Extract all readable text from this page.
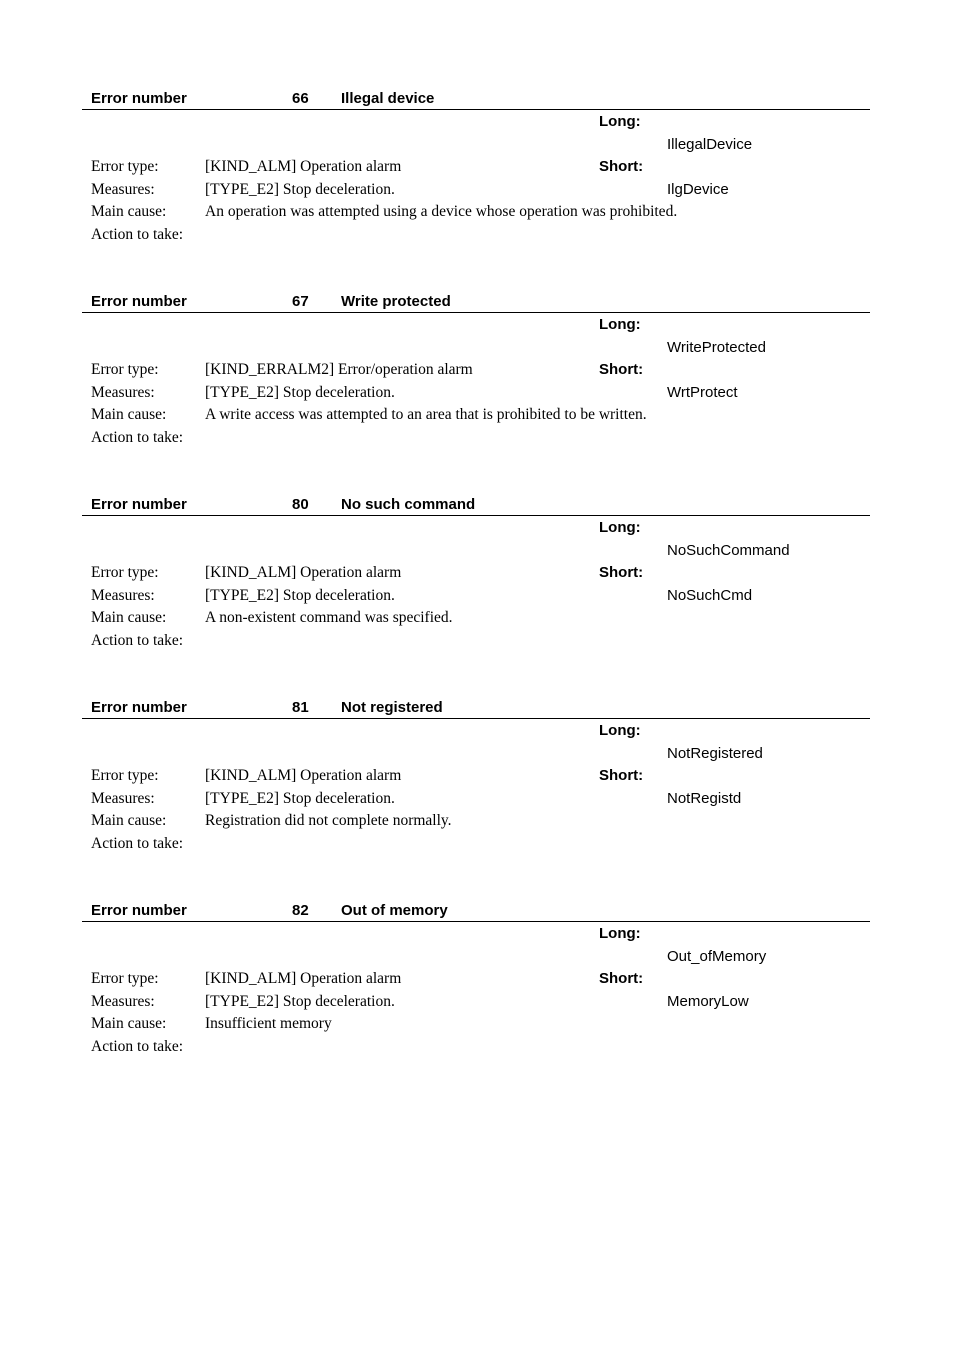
Error number	66 Illegal device
Long:
IllegalDevice
Short:
IlgDevice
Error type:	[KIND_ALM] Operation alarm
Measures:	[TYPE_E2] Stop deceleration.
Main cause: An operation was attempted using a device whose operation was prohibited.
Action to take:
Error number	67 Write protected
Long:
WriteProtected
Short:
WrtProtect
Error type:	[KIND_ERRALM2] Error/operation alarm
Measures:	[TYPE_E2] Stop deceleration.
Main cause: A write access was attempted to an area that is prohibited to be written.
Action to take:
Error number	80 No such command
Long:
NoSuchCommand
Short:
NoSuchCmd
Error type:	[KIND_ALM] Operation alarm
Measures:	[TYPE_E2] Stop deceleration.
Main cause: A non-existent command was specified.
Action to take:
Error number	81 Not registered
Long:
NotRegistered
Short:
NotRegistd
Error type:	[KIND_ALM] Operation alarm
Measures:	[TYPE_E2] Stop deceleration.
Main cause: Registration did not complete normally.
Action to take:
Error number	82 Out of memory
Long:
Out_ofMemory
Short:
MemoryLow
Error type:	[KIND_ALM] Operation alarm
Measures:	[TYPE_E2] Stop deceleration.
Main cause: Insufficient memory
Action to take:
